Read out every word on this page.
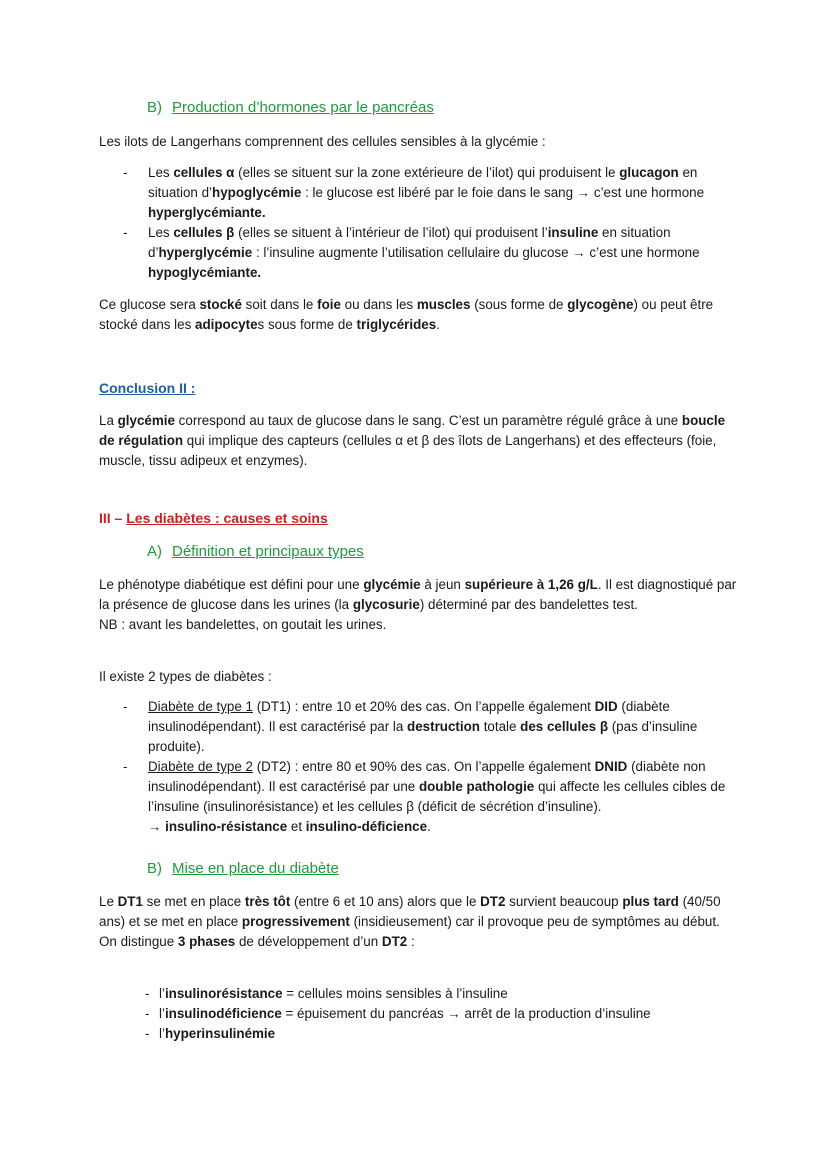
B) Production d’hormones par le pancréas
Les ilots de Langerhans comprennent des cellules sensibles à la glycémie :
- Les cellules α (elles se situent sur la zone extérieure de l’ilot) qui produisent le glucagon en situation d’hypoglycémie : le glucose est libéré par le foie dans le sang → c’est une hormone hyperglycémiante.
- Les cellules β (elles se situent à l’intérieur de l’ilot) qui produisent l’insuline en situation d’hyperglycémie : l’insuline augmente l’utilisation cellulaire du glucose → c’est une hormone hypoglycémiante.
Ce glucose sera stocké soit dans le foie ou dans les muscles (sous forme de glycogène) ou peut être stocké dans les adipocytes sous forme de triglycérides.
Conclusion II :
La glycémie correspond au taux de glucose dans le sang. C’est un paramètre régulé grâce à une boucle de régulation qui implique des capteurs (cellules α et β des îlots de Langerhans) et des effecteurs (foie, muscle, tissu adipeux et enzymes).
III – Les diabètes : causes et soins
A) Définition et principaux types
Le phénotype diabétique est défini pour une glycémie à jeun supérieure à 1,26 g/L. Il est diagnostiqué par la présence de glucose dans les urines (la glycosurie) déterminé par des bandelettes test.
NB : avant les bandelettes, on goutait les urines.
Il existe 2 types de diabètes :
- Diabète de type 1 (DT1) : entre 10 et 20% des cas. On l’appelle également DID (diabète insulinodépendant). Il est caractérisé par la destruction totale des cellules β (pas d’insuline produite).
- Diabète de type 2 (DT2) : entre 80 et 90% des cas. On l’appelle également DNID (diabète non insulinodépendant). Il est caractérisé par une double pathologie qui affecte les cellules cibles de l’insuline (insulinorésistance) et les cellules β (déficit de sécrétion d’insuline).
→ insulino-résistance et insulino-déficience.
B) Mise en place du diabète
Le DT1 se met en place très tôt (entre 6 et 10 ans) alors que le DT2 survient beaucoup plus tard (40/50 ans) et se met en place progressivement (insidieusement) car il provoque peu de symptômes au début.
On distingue 3 phases de développement d’un DT2 :
- l’insulinorésistance = cellules moins sensibles à l’insuline
- l’insulinodéficience = épuisement du pancréas → arrêt de la production d’insuline
- l’hyperinsulinémie
